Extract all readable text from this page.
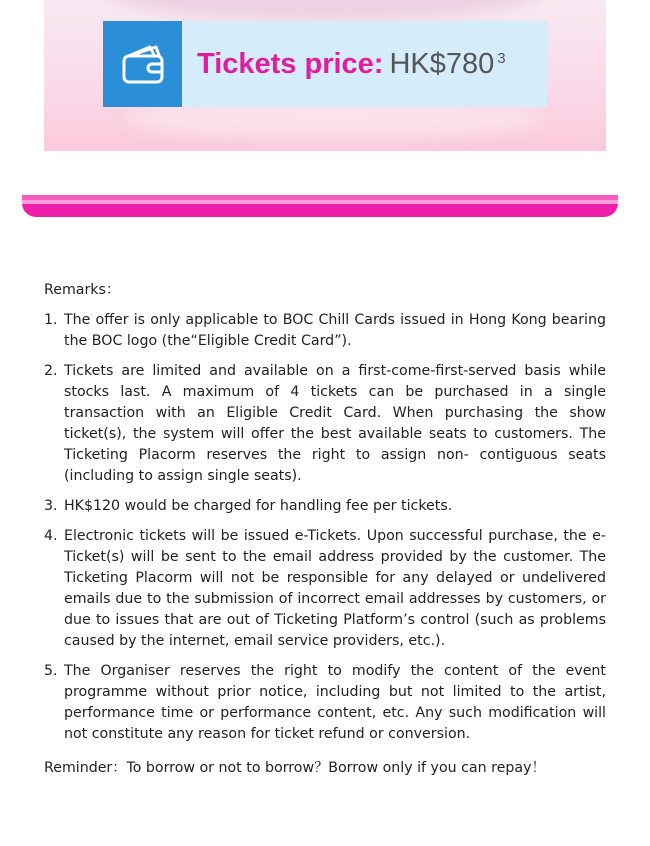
Tickets price: HK$780 $^3$
Remarks：
1. The offer is only applicable to BOC Chill Cards issued in Hong Kong bearing the BOC logo (the“Eligible Credit Card”).
2. Tickets are limited and available on a first-come-first-served basis while stocks last. A maximum of 4 tickets can be purchased in a single transaction with an Eligible Credit Card. When purchasing the show ticket(s), the system will offer the best available seats to customers. The Ticketing Placorm reserves the right to assign non- contiguous seats (including to assign single seats).
3. HK$120 would be charged for handling fee per tickets.
4. Electronic tickets will be issued e-Tickets. Upon successful purchase, the e-Ticket(s) will be sent to the email address provided by the customer. The Ticketing Placorm will not be responsible for any delayed or undelivered emails due to the submission of incorrect email addresses by customers, or due to issues that are out of Ticketing Platform’s control (such as problems caused by the internet, email service providers, etc.).
5. The Organiser reserves the right to modify the content of the event programme without prior notice, including but not limited to the artist, performance time or performance content, etc. Any such modification will not constitute any reason for ticket refund or conversion.
Reminder：To borrow or not to borrow？Borrow only if you can repay！
